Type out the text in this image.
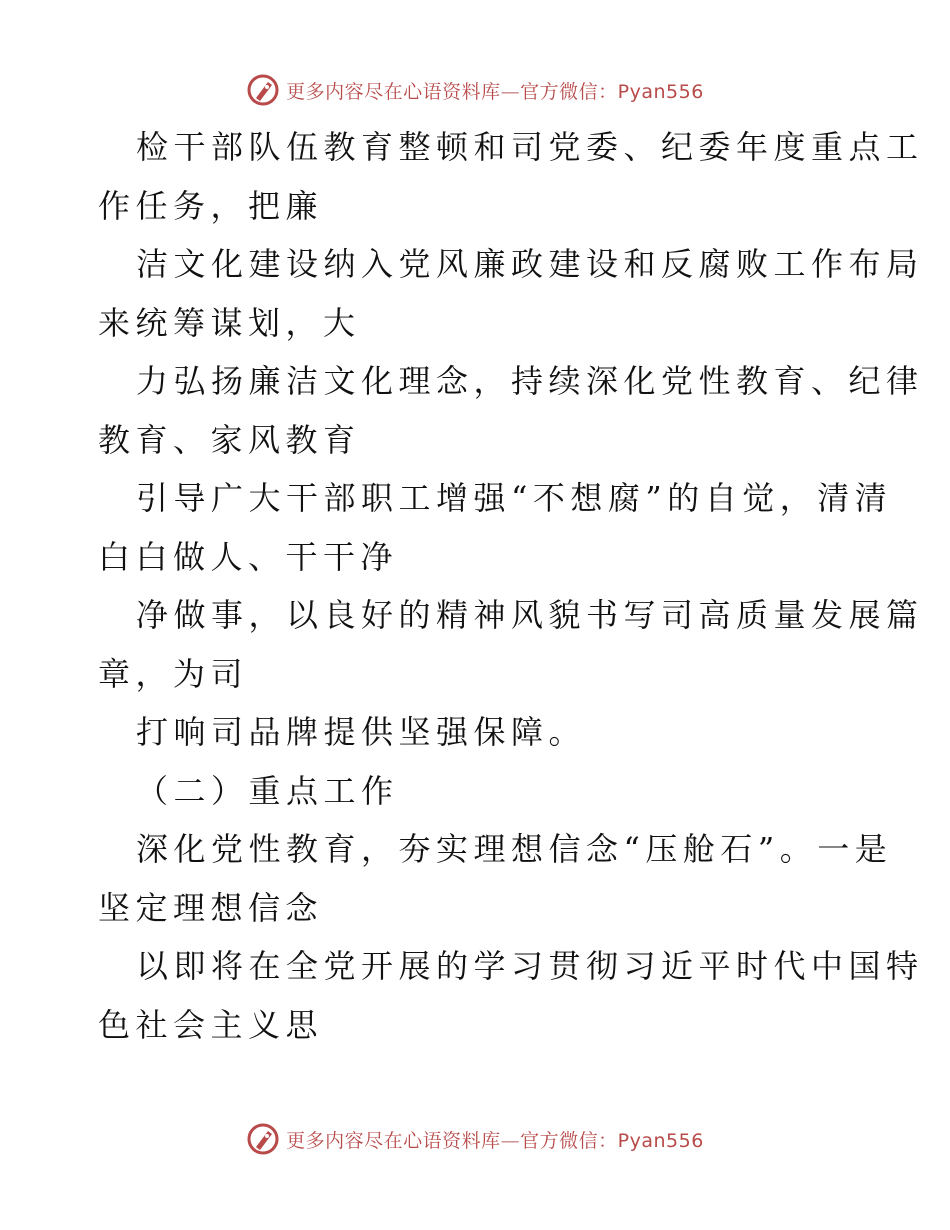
更多内容尽在心语资料库—官方微信：Pyan556
检干部队伍教育整顿和司党委、纪委年度重点工
作任务，把廉
洁文化建设纳入党风廉政建设和反腐败工作布局
来统筹谋划，大
力弘扬廉洁文化理念，持续深化党性教育、纪律
教育、家风教育
引导广大干部职工增强“不想腐”的自觉，清清
白白做人、干干净
净做事，以良好的精神风貌书写司高质量发展篇
章，为司
打响司品牌提供坚强保障。
（二）重点工作
深化党性教育，夯实理想信念“压舱石”。一是
坚定理想信念
以即将在全党开展的学习贯彻习近平时代中国特
色社会主义思
更多内容尽在心语资料库—官方微信：Pyan556
